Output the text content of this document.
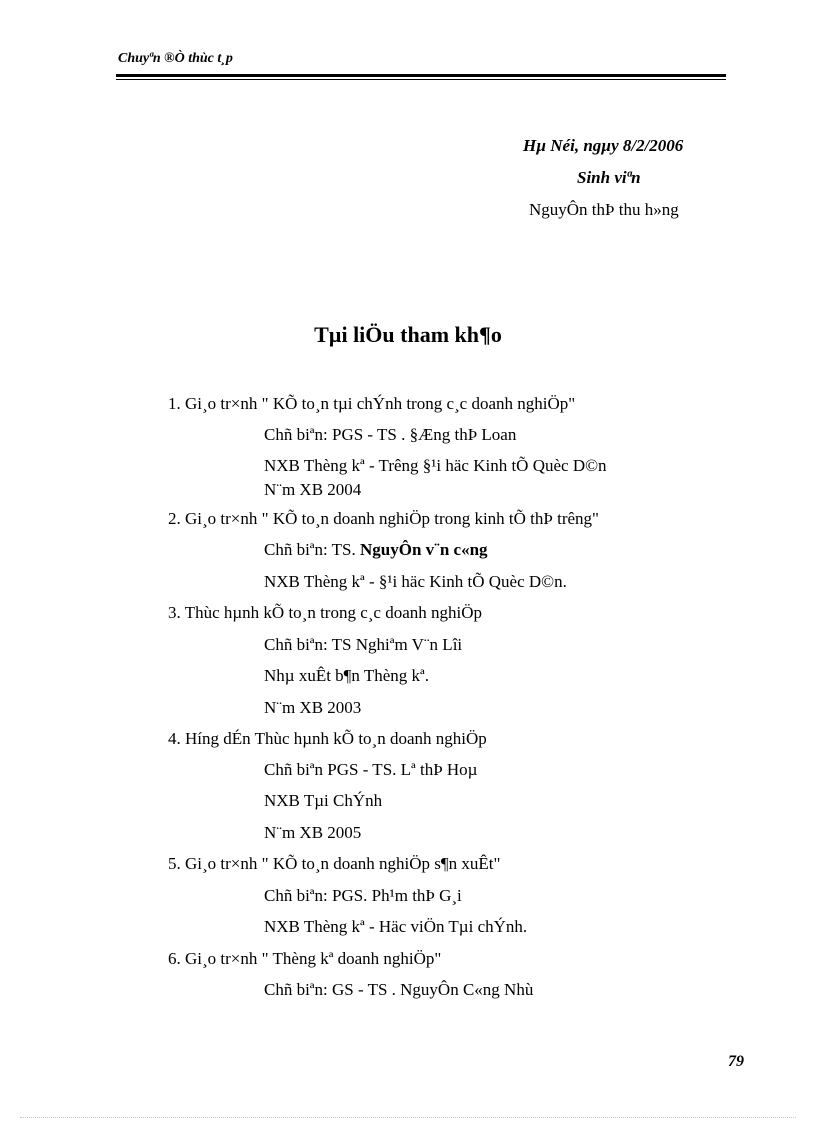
Chuyªn ®Ò thùc t¸p
Hµ Néi, ngµy 8/2/2006
Sinh viªn
NguyÔn thÞ thu h»ng
Tµi liÖu tham kh¶o
1. Gi¸o tr×nh " KÕ to¸n tµi chÝnh trong c¸c doanh nghiÖp"
Chñ biªn: PGS - TS . §Æng thÞ Loan
NXB Thèng kª - Trêng §¹i häc Kinh tÕ Quèc D©n
N¨m XB 2004
2. Gi¸o tr×nh " KÕ to¸n doanh nghiÖp trong kinh tÕ thÞ trêng"
Chñ biªn: TS. NguyÔn v¨n c«ng
NXB Thèng kª - §¹i häc Kinh tÕ Quèc D©n.
3. Thùc hµnh kÕ to¸n trong c¸c doanh nghiÖp
Chñ biªn: TS Nghiªm V¨n Lîi
Nhµ xuÊt b¶n Thèng kª.
N¨m XB 2003
4. Híng dÉn Thùc hµnh kÕ to¸n doanh nghiÖp
Chñ biªn PGS - TS. Lª thÞ Hoµ
NXB Tµi ChÝnh
N¨m XB 2005
5. Gi¸o tr×nh " KÕ to¸n doanh nghiÖp s¶n xuÊt"
Chñ biªn: PGS. Ph¹m thÞ G¸i
NXB Thèng kª - Häc viÖn Tµi chÝnh.
6. Gi¸o tr×nh " Thèng kª doanh nghiÖp"
Chñ biªn: GS - TS . NguyÔn C«ng Nhù
79
